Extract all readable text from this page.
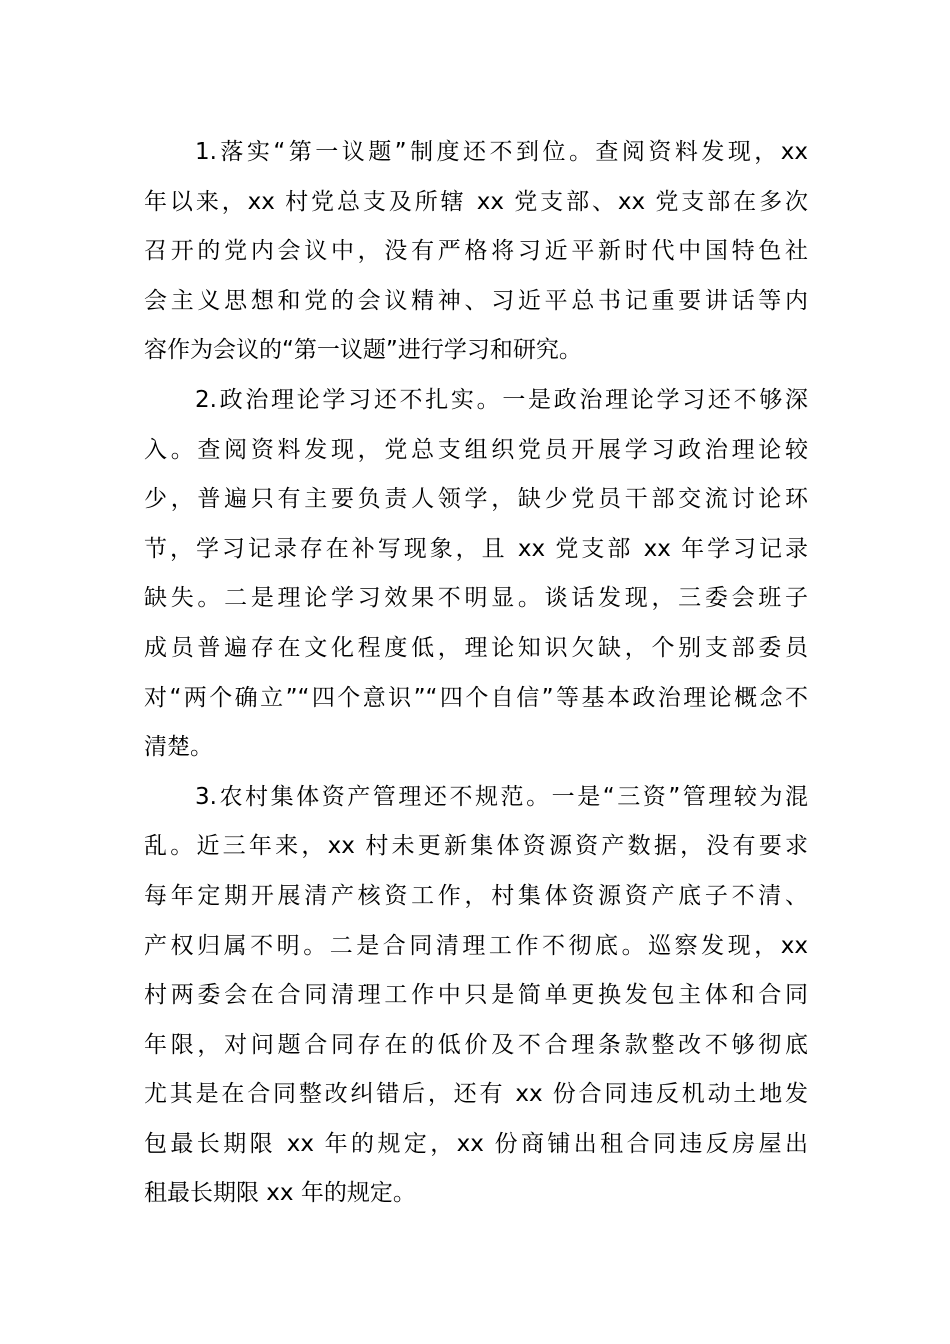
1.落实“第一议题”制度还不到位。查阅资料发现，xx
年以来，xx 村党总支及所辖 xx 党支部、xx 党支部在多次
召开的党内会议中，没有严格将习近平新时代中国特色社
会主义思想和党的会议精神、习近平总书记重要讲话等内
容作为会议的“第一议题”进行学习和研究。
2.政治理论学习还不扎实。一是政治理论学习还不够深
入。查阅资料发现，党总支组织党员开展学习政治理论较
少，普遍只有主要负责人领学，缺少党员干部交流讨论环
节，学习记录存在补写现象，且 xx 党支部 xx 年学习记录
缺失。二是理论学习效果不明显。谈话发现，三委会班子
成员普遍存在文化程度低，理论知识欠缺，个别支部委员
对“两个确立”“四个意识”“四个自信”等基本政治理论概念不
清楚。
3.农村集体资产管理还不规范。一是“三资”管理较为混
乱。近三年来，xx 村未更新集体资源资产数据，没有要求
每年定期开展清产核资工作，村集体资源资产底子不清、
产权归属不明。二是合同清理工作不彻底。巡察发现，xx
村两委会在合同清理工作中只是简单更换发包主体和合同
年限，对问题合同存在的低价及不合理条款整改不够彻底
尤其是在合同整改纠错后，还有 xx 份合同违反机动土地发
包最长期限 xx 年的规定，xx 份商铺出租合同违反房屋出
租最长期限 xx 年的规定。
